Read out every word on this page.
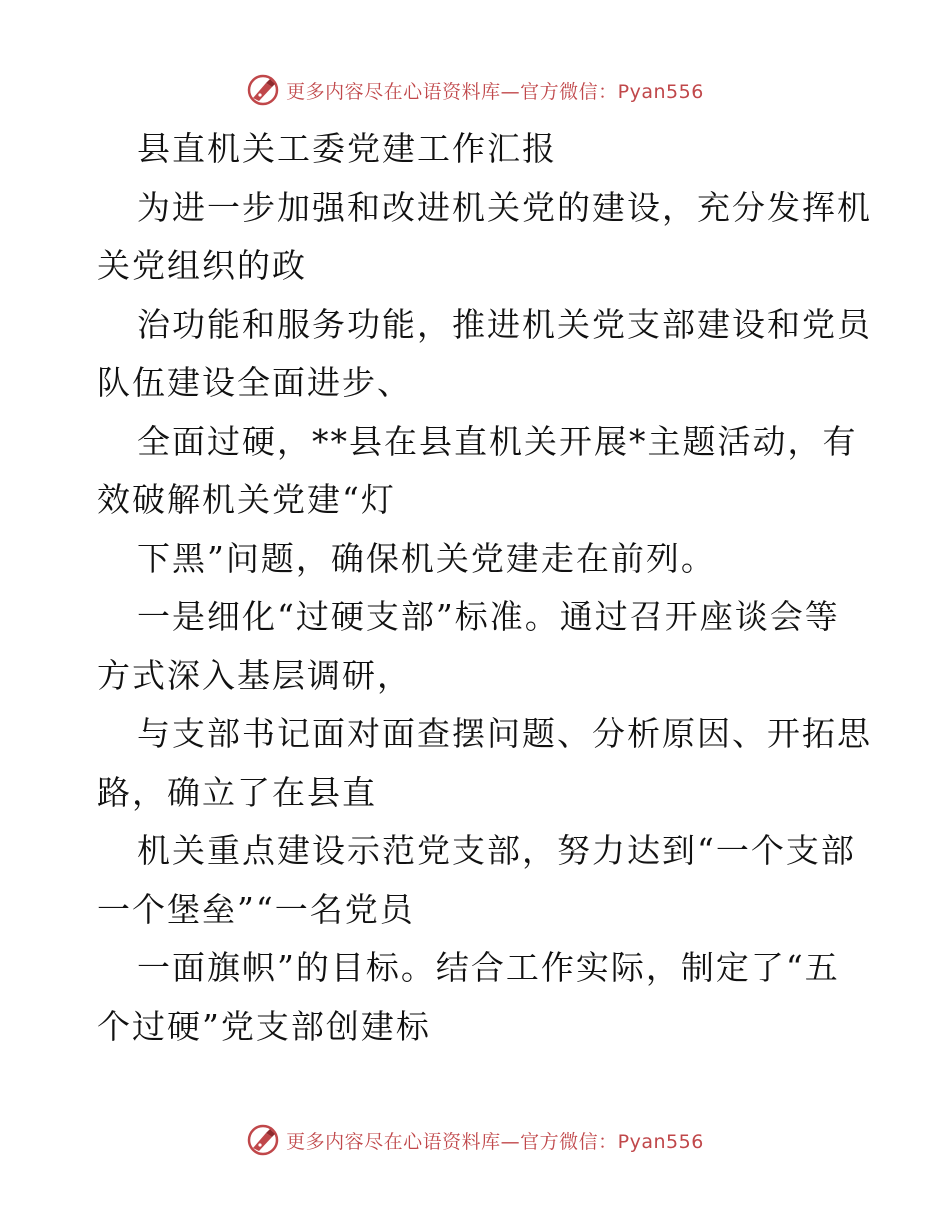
更多内容尽在心语资料库—官方微信：Pyan556
县直机关工委党建工作汇报
为进一步加强和改进机关党的建设，充分发挥机
关党组织的政
治功能和服务功能，推进机关党支部建设和党员
队伍建设全面进步、
全面过硬，**县在县直机关开展*主题活动，有
效破解机关党建“灯
下黑”问题，确保机关党建走在前列。
一是细化“过硬支部”标准。通过召开座谈会等
方式深入基层调研，
与支部书记面对面查摆问题、分析原因、开拓思
路，确立了在县直
机关重点建设示范党支部，努力达到“一个支部
一个堡垒”“一名党员
一面旗帜”的目标。结合工作实际，制定了“五
个过硬”党支部创建标
更多内容尽在心语资料库—官方微信：Pyan556
